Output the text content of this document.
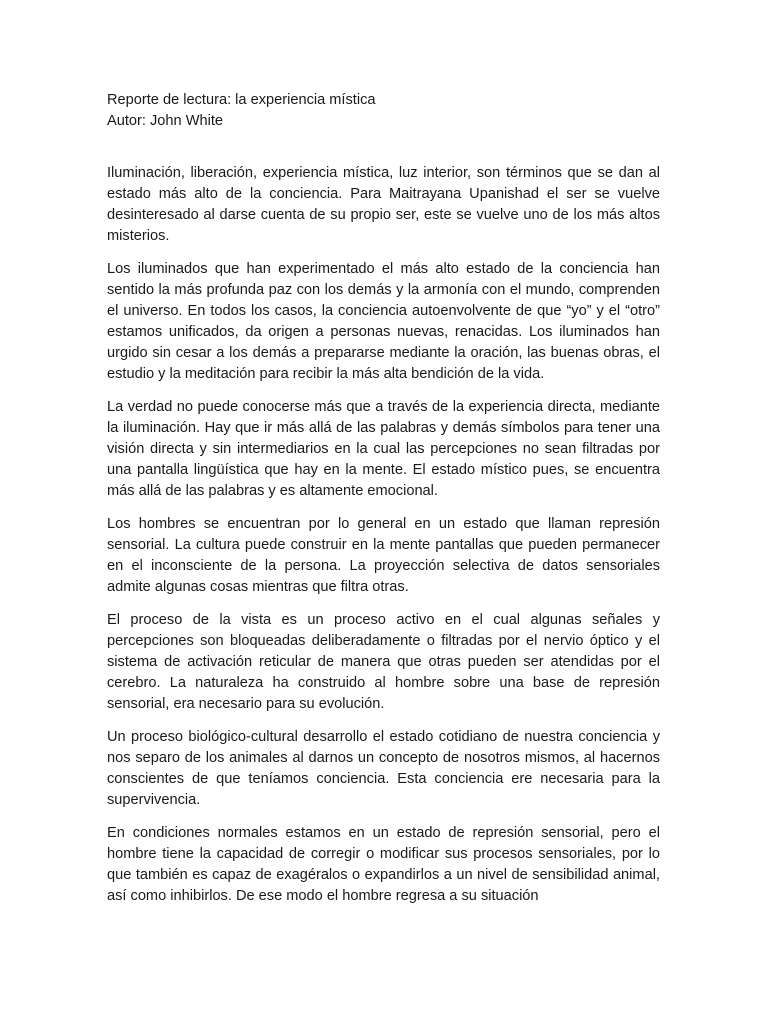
Reporte de lectura: la experiencia mística

Autor: John White

Iluminación, liberación, experiencia mística, luz interior, son términos que se dan al estado más alto de la conciencia. Para Maitrayana Upanishad el ser se vuelve desinteresado al darse cuenta de su propio ser, este se vuelve uno de los más altos misterios.

Los iluminados que han experimentado el más alto estado de la conciencia han sentido la más profunda paz con los demás y la armonía con el mundo, comprenden el universo. En todos los casos, la conciencia autoenvolvente de que “yo” y el “otro” estamos unificados, da origen a personas nuevas, renacidas. Los iluminados han urgido sin cesar a los demás a prepararse mediante la oración, las buenas obras, el estudio y la meditación para recibir la más alta bendición de la vida.

La verdad no puede conocerse más que a través de la experiencia directa, mediante la iluminación. Hay que ir más allá de las palabras y demás símbolos para tener una visión directa y sin intermediarios en la cual las percepciones no sean filtradas por una pantalla lingüística que hay en la mente. El estado místico pues, se encuentra más allá de las palabras y es altamente emocional.

Los hombres se encuentran por lo general en un estado que llaman represión sensorial. La cultura puede construir en la mente pantallas que pueden permanecer en el inconsciente de la persona. La proyección selectiva de datos sensoriales admite algunas cosas mientras que filtra otras.

El proceso de la vista es un proceso activo en el cual algunas señales y percepciones son bloqueadas deliberadamente o filtradas por el nervio óptico y el sistema de activación reticular de manera que otras pueden ser atendidas por el cerebro. La naturaleza ha construido al hombre sobre una base de represión sensorial, era necesario para su evolución.

Un proceso biológico-cultural desarrollo el estado cotidiano de nuestra conciencia y nos separo de los animales al darnos un concepto de nosotros mismos, al hacernos conscientes de que teníamos conciencia. Esta conciencia ere necesaria para la supervivencia.

En condiciones normales estamos en un estado de represión sensorial, pero el hombre tiene la capacidad de corregir o modificar sus procesos sensoriales, por lo que también es capaz de exagéralos o expandirlos a un nivel de sensibilidad animal, así como inhibirlos. De ese modo el hombre regresa a su situación
